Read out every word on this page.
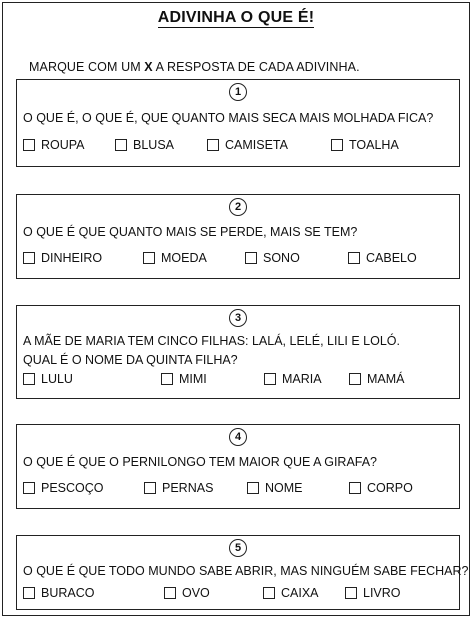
ADIVINHA O QUE É!
MARQUE COM UM X A RESPOSTA DE CADA ADIVINHA.
1
O QUE É, O QUE É, QUE QUANTO MAIS SECA MAIS MOLHADA FICA?
ROUPA	BLUSA	CAMISETA	TOALHA
2
O QUE É QUE QUANTO MAIS SE PERDE, MAIS SE TEM?
DINHEIRO	MOEDA	SONO	CABELO
3
A MÃE DE MARIA TEM CINCO FILHAS: LALÁ, LELÉ, LILI E LOLÓ.
QUAL É O NOME DA QUINTA FILHA?
LULU	MIMI	MARIA	MAMÁ
4
O QUE É QUE O PERNILONGO TEM MAIOR QUE A GIRAFA?
PESCOÇO	PERNAS	NOME	CORPO
5
O QUE É QUE TODO MUNDO SABE ABRIR, MAS NINGUÉM SABE FECHAR?
BURACO	OVO	CAIXA	LIVRO
